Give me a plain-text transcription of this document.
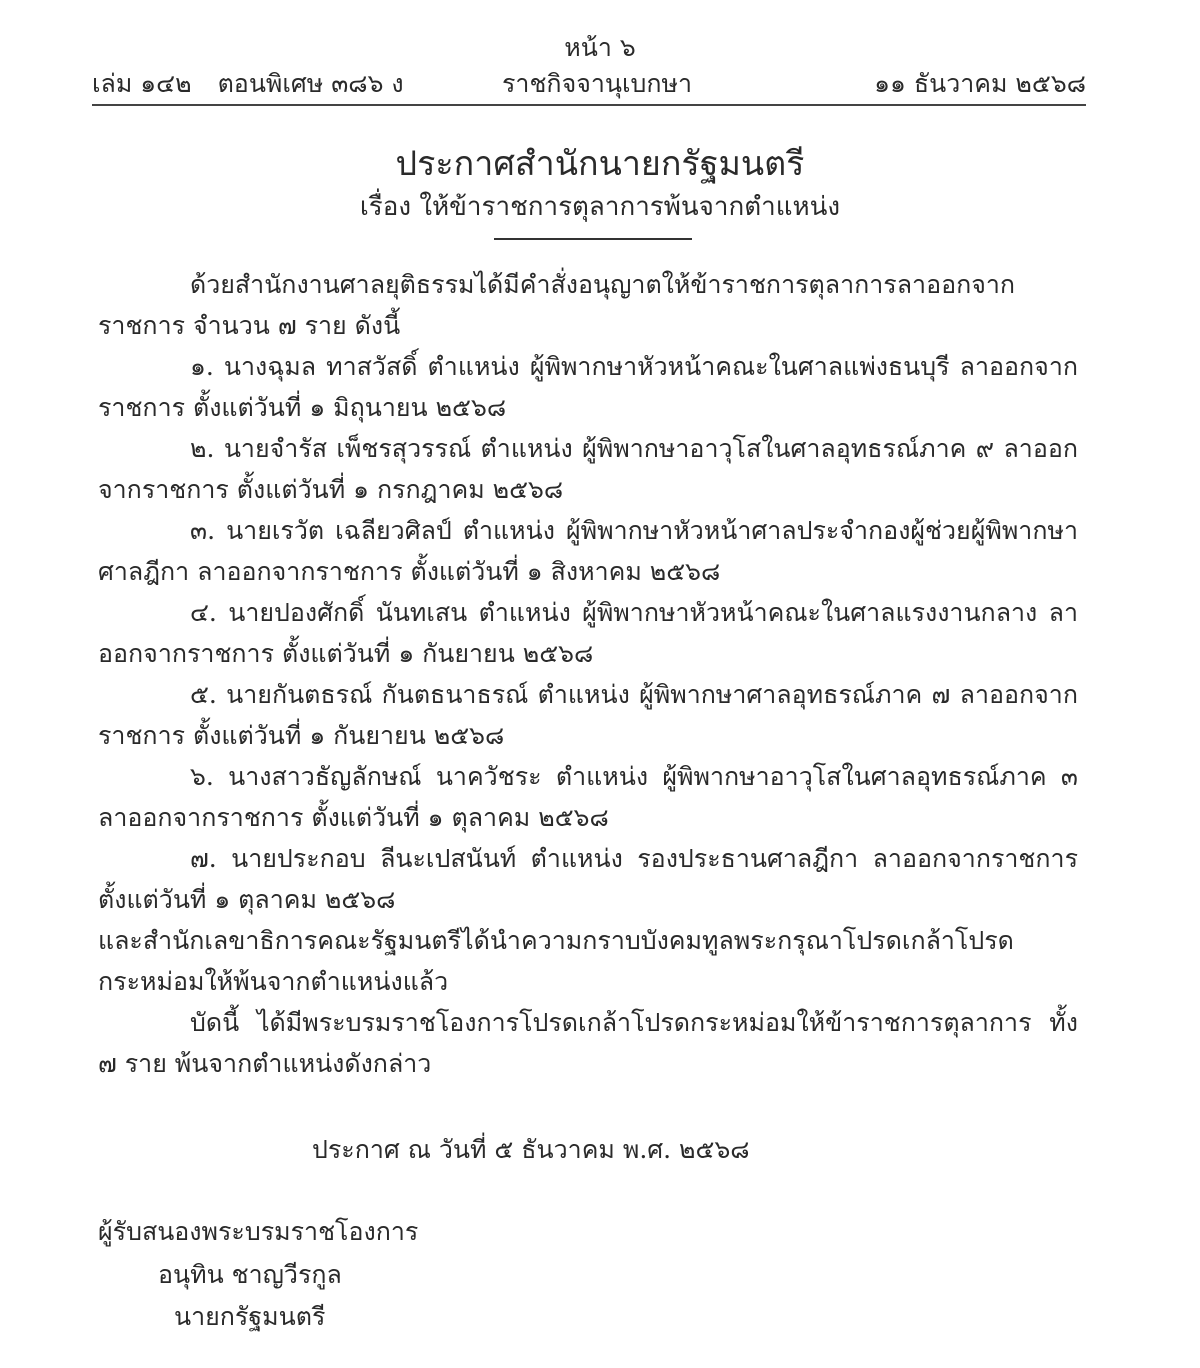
หน้า ๖
เล่ม ๑๔๒ ตอนพิเศษ ๓๘๖ ง	ราชกิจจานุเบกษา	๑๑ ธันวาคม ๒๕๖๘
ประกาศสำนักนายกรัฐมนตรี
เรื่อง ให้ข้าราชการตุลาการพ้นจากตำแหน่ง

ด้วยสำนักงานศาลยุติธรรมได้มีคำสั่งอนุญาตให้ข้าราชการตุลาการลาออกจากราชการ จำนวน ๗ ราย ดังนี้

๑. นางฉุมล ทาสวัสดิ์ ตำแหน่ง ผู้พิพากษาหัวหน้าคณะในศาลแพ่งธนบุรี ลาออกจากราชการ ตั้งแต่วันที่ ๑ มิถุนายน ๒๕๖๘

๒. นายจำรัส เพ็ชรสุวรรณ์ ตำแหน่ง ผู้พิพากษาอาวุโสในศาลอุทธรณ์ภาค ๙ ลาออกจากราชการ ตั้งแต่วันที่ ๑ กรกฎาคม ๒๕๖๘

๓. นายเรวัต เฉลียวศิลป์ ตำแหน่ง ผู้พิพากษาหัวหน้าศาลประจำกองผู้ช่วยผู้พิพากษาศาลฎีกา ลาออกจากราชการ ตั้งแต่วันที่ ๑ สิงหาคม ๒๕๖๘

๔. นายปองศักดิ์ นันทเสน ตำแหน่ง ผู้พิพากษาหัวหน้าคณะในศาลแรงงานกลาง ลาออกจากราชการ ตั้งแต่วันที่ ๑ กันยายน ๒๕๖๘

๕. นายกันตธรณ์ กันตธนาธรณ์ ตำแหน่ง ผู้พิพากษาศาลอุทธรณ์ภาค ๗ ลาออกจากราชการ ตั้งแต่วันที่ ๑ กันยายน ๒๕๖๘

๖. นางสาวธัญลักษณ์ นาควัชระ ตำแหน่ง ผู้พิพากษาอาวุโสในศาลอุทธรณ์ภาค ๓ ลาออกจากราชการ ตั้งแต่วันที่ ๑ ตุลาคม ๒๕๖๘

๗. นายประกอบ ลีนะเปสนันท์ ตำแหน่ง รองประธานศาลฎีกา ลาออกจากราชการ ตั้งแต่วันที่ ๑ ตุลาคม ๒๕๖๘

และสำนักเลขาธิการคณะรัฐมนตรีได้นำความกราบบังคมทูลพระกรุณาโปรดเกล้าโปรดกระหม่อมให้พ้นจากตำแหน่งแล้ว

บัดนี้ ได้มีพระบรมราชโองการโปรดเกล้าโปรดกระหม่อมให้ข้าราชการตุลาการ ทั้ง ๗ ราย พ้นจากตำแหน่งดังกล่าว

ประกาศ ณ วันที่ ๕ ธันวาคม พ.ศ. ๒๕๖๘
ผู้รับสนองพระบรมราชโองการ
อนุทิน ชาญวีรกูล
นายกรัฐมนตรี
